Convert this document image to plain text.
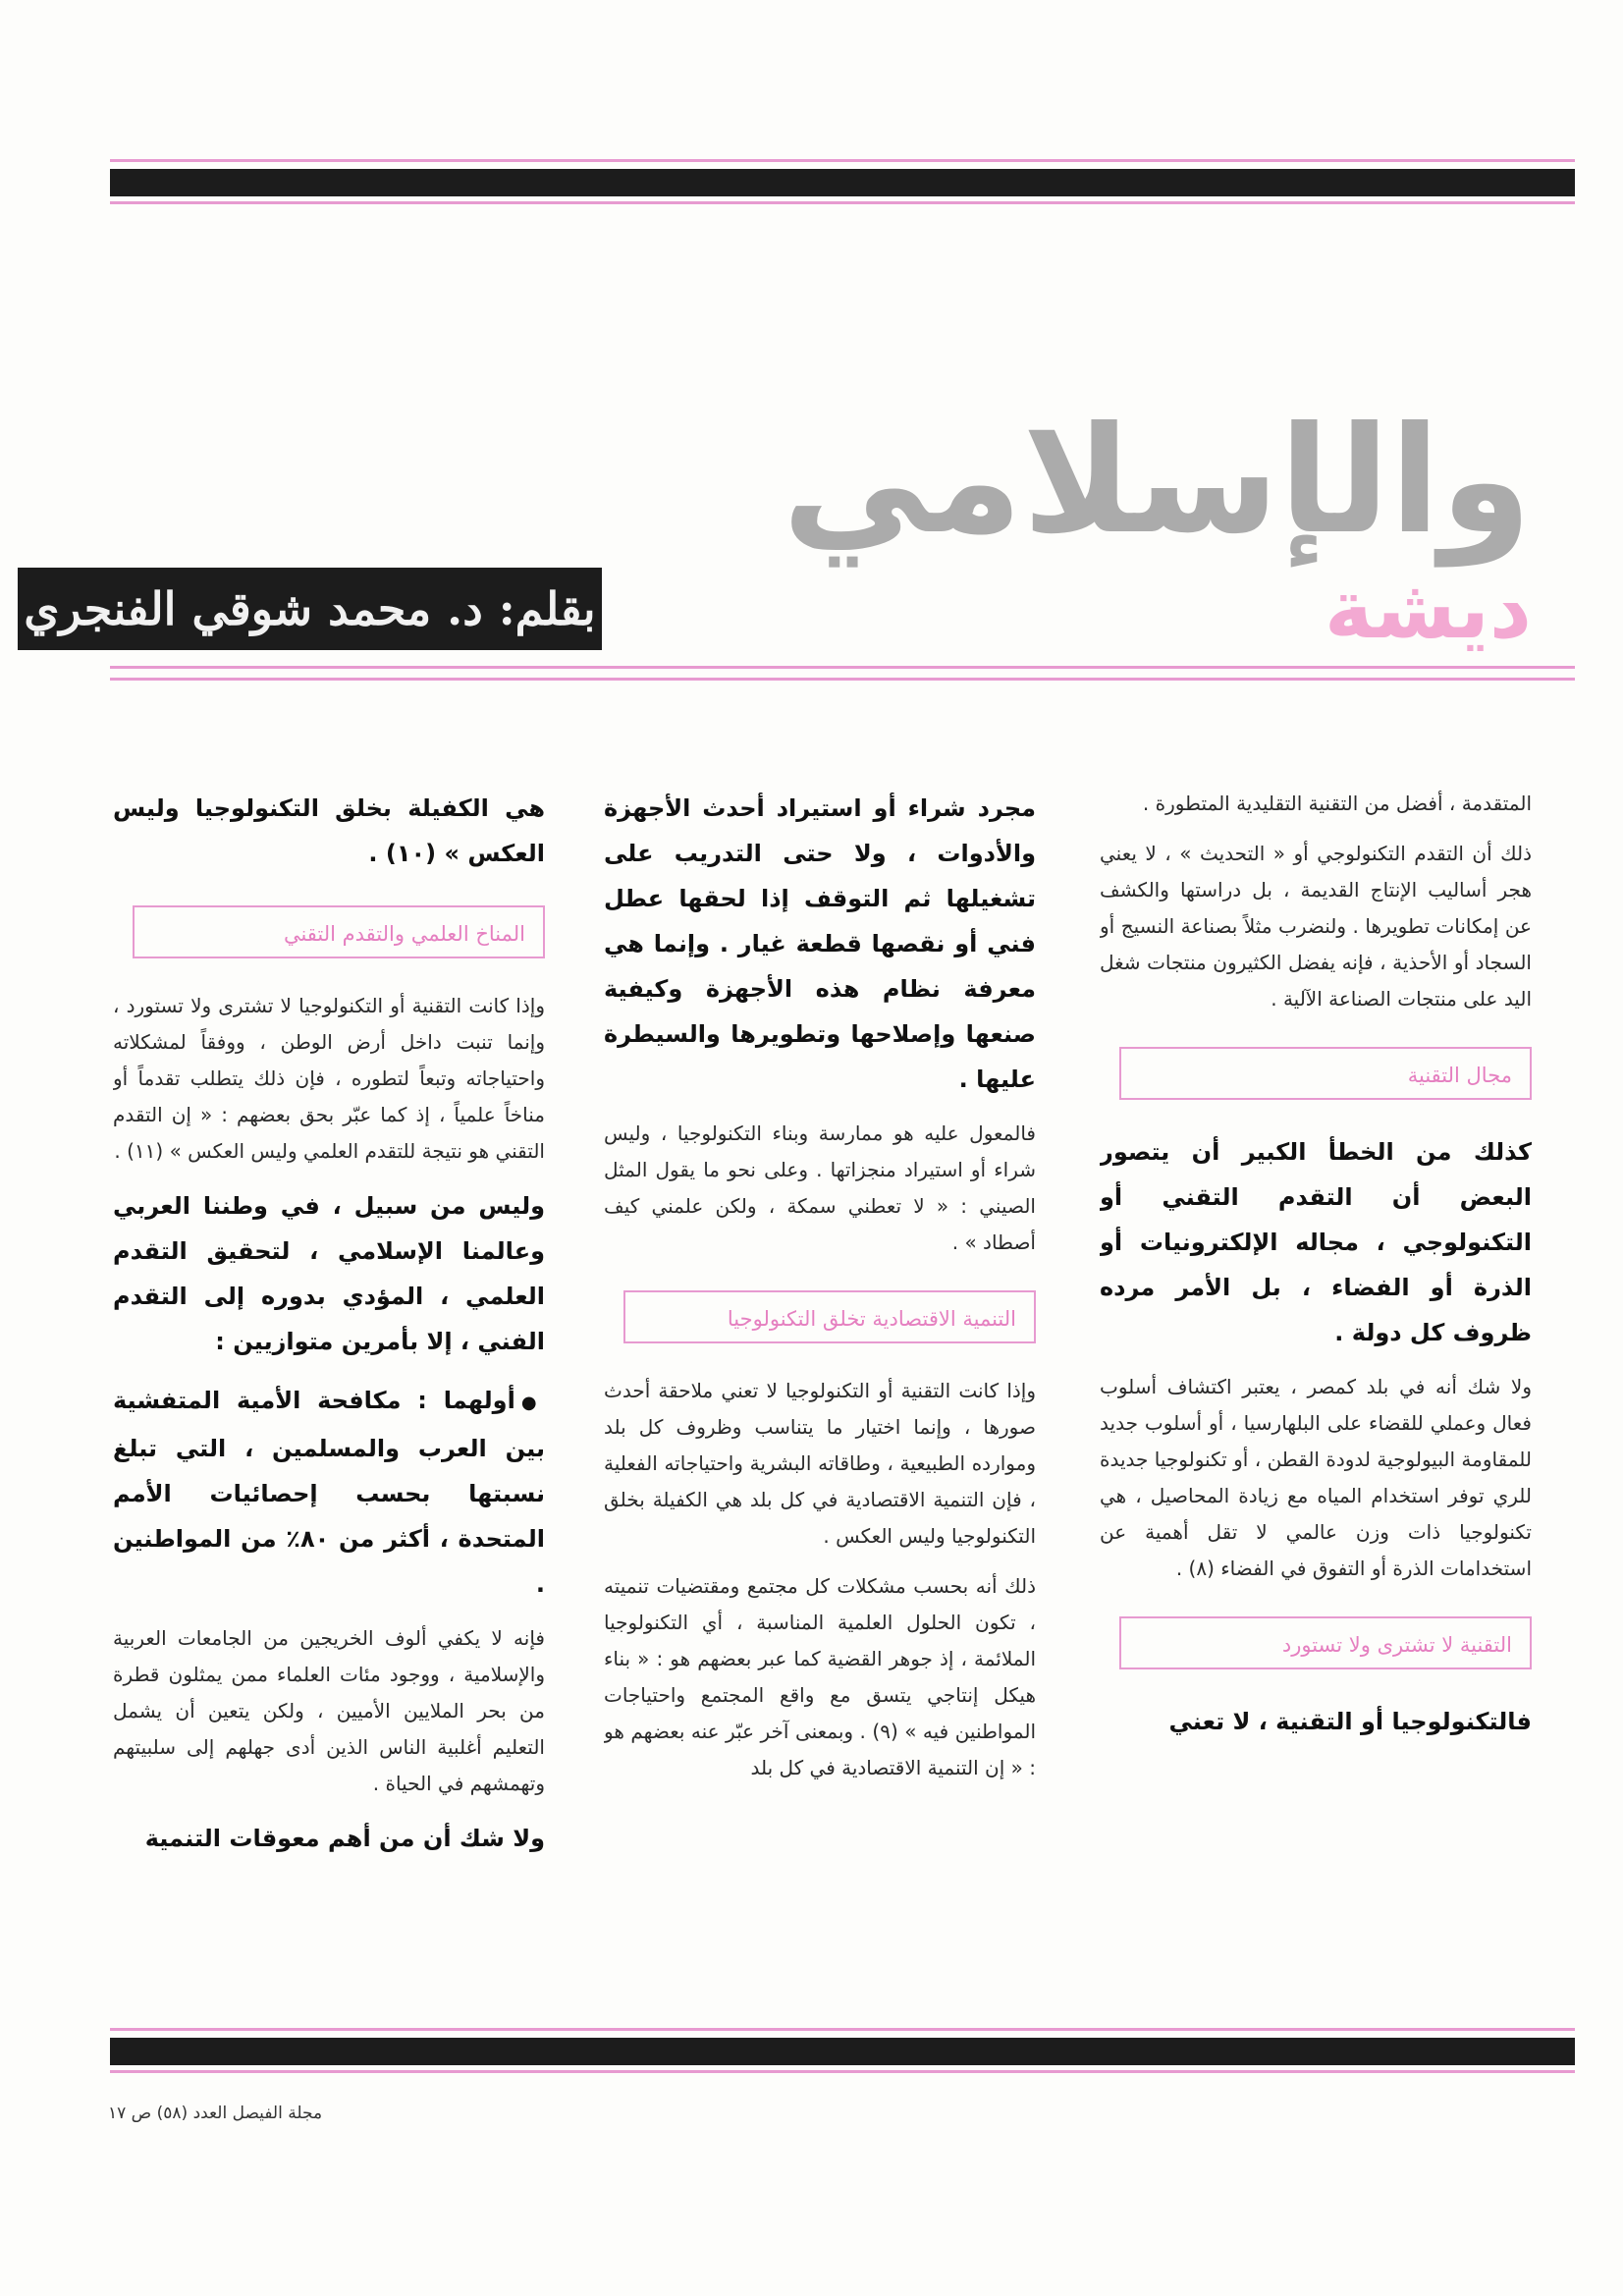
والإسلامي
ديشة
بقلم: د. محمد شوقي الفنجري

المتقدمة ، أفضل من التقنية التقليدية المتطورة .

ذلك أن التقدم التكنولوجي أو « التحديث » ، لا يعني هجر أساليب الإنتاج القديمة ، بل دراستها والكشف عن إمكانات تطويرها . ولنضرب مثلاً بصناعة النسيج أو السجاد أو الأحذية ، فإنه يفضل الكثيرون منتجات شغل اليد على منتجات الصناعة الآلية .

مجال التقنية

كذلك من الخطأ الكبير أن يتصور البعض أن التقدم التقني أو التكنولوجي ، مجاله الإلكترونيات أو الذرة أو الفضاء ، بل الأمر مرده ظروف كل دولة .

ولا شك أنه في بلد كمصر ، يعتبر اكتشاف أسلوب فعال وعملي للقضاء على البلهارسيا ، أو أسلوب جديد للمقاومة البيولوجية لدودة القطن ، أو تكنولوجيا جديدة للري توفر استخدام المياه مع زيادة المحاصيل ، هي تكنولوجيا ذات وزن عالمي لا تقل أهمية عن استخدامات الذرة أو التفوق في الفضاء (٨) .

التقنية لا تشترى ولا تستورد

فالتكنولوجيا أو التقنية ، لا تعني

مجرد شراء أو استيراد أحدث الأجهزة والأدوات ، ولا حتى التدريب على تشغيلها ثم التوقف إذا لحقها عطل فني أو نقصها قطعة غيار . وإنما هي معرفة نظام هذه الأجهزة وكيفية صنعها وإصلاحها وتطويرها والسيطرة عليها .

فالمعول عليه هو ممارسة وبناء التكنولوجيا ، وليس شراء أو استيراد منجزاتها . وعلى نحو ما يقول المثل الصيني : « لا تعطني سمكة ، ولكن علمني كيف أصطاد » .

التنمية الاقتصادية تخلق التكنولوجيا

وإذا كانت التقنية أو التكنولوجيا لا تعني ملاحقة أحدث صورها ، وإنما اختيار ما يتناسب وظروف كل بلد وموارده الطبيعية ، وطاقاته البشرية واحتياجاته الفعلية ، فإن التنمية الاقتصادية في كل بلد هي الكفيلة بخلق التكنولوجيا وليس العكس .

ذلك أنه بحسب مشكلات كل مجتمع ومقتضيات تنميته ، تكون الحلول العلمية المناسبة ، أي التكنولوجيا الملائمة ، إذ جوهر القضية كما عبر بعضهم هو : « بناء هيكل إنتاجي يتسق مع واقع المجتمع واحتياجات المواطنين فيه » (٩) . وبمعنى آخر عبّر عنه بعضهم هو : « إن التنمية الاقتصادية في كل بلد

هي الكفيلة بخلق التكنولوجيا وليس العكس » (١٠) .

المناخ العلمي والتقدم التقني

وإذا كانت التقنية أو التكنولوجيا لا تشترى ولا تستورد ، وإنما تنبت داخل أرض الوطن ، ووفقاً لمشكلاته واحتياجاته وتبعاً لتطوره ، فإن ذلك يتطلب تقدماً أو مناخاً علمياً ، إذ كما عبّر بحق بعضهم : « إن التقدم التقني هو نتيجة للتقدم العلمي وليس العكس » (١١) .

وليس من سبيل ، في وطننا العربي وعالمنا الإسلامي ، لتحقيق التقدم العلمي ، المؤدي بدوره إلى التقدم الفني ، إلا بأمرين متوازيين :

●أولهما : مكافحة الأمية المتفشية بين العرب والمسلمين ، التي تبلغ نسبتها بحسب إحصائيات الأمم المتحدة ، أكثر من ٨٠٪ من المواطنين .

فإنه لا يكفي ألوف الخريجين من الجامعات العربية والإسلامية ، ووجود مئات العلماء ممن يمثلون قطرة من بحر الملايين الأميين ، ولكن يتعين أن يشمل التعليم أغلبية الناس الذين أدى جهلهم إلى سلبيتهم وتهمشهم في الحياة .

ولا شك أن من أهم معوقات التنمية

مجلة الفيصل العدد (٥٨) ص ١٧
